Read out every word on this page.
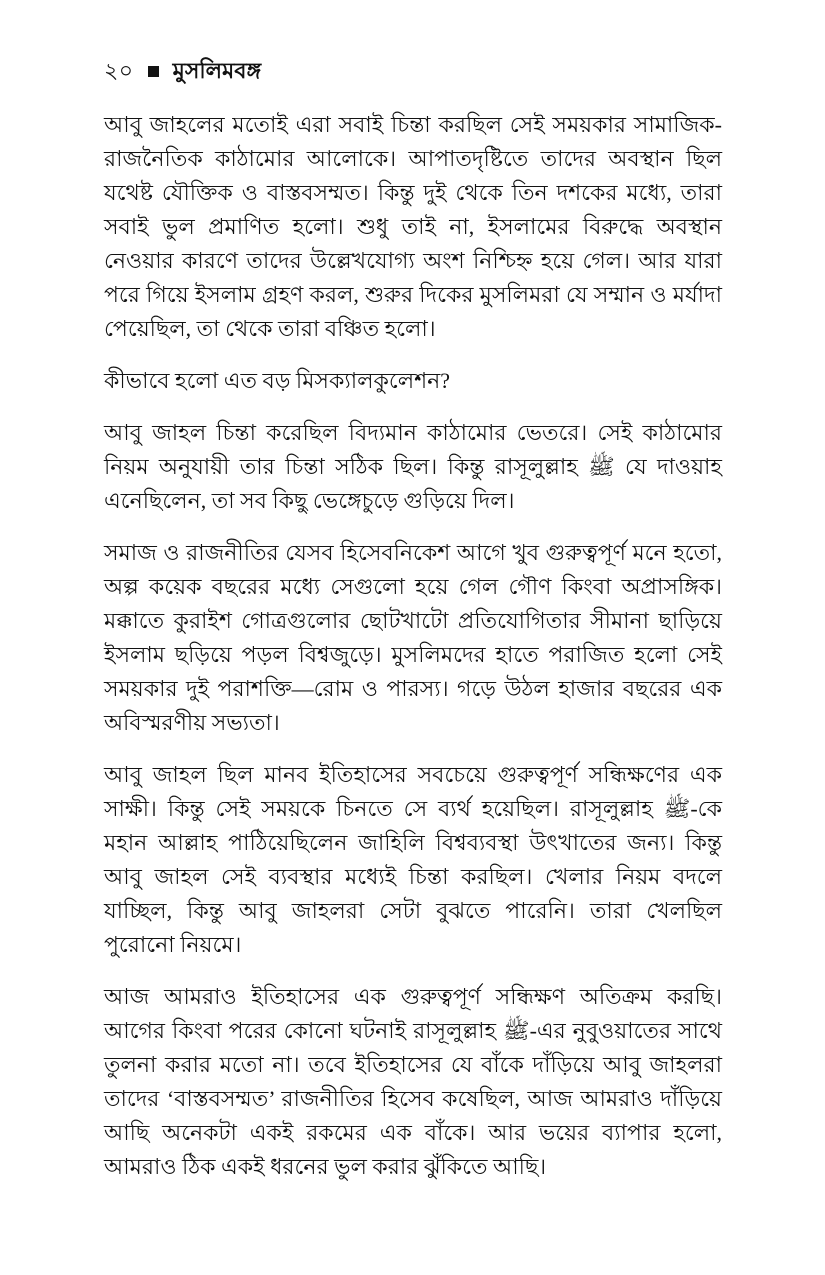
২০ মুসলিমবঙ্গ

আবু জাহলের মতোই এরা সবাই চিন্তা করছিল সেই সময়কার সামাজিক-রাজনৈতিক কাঠামোর আলোকে। আপাতদৃষ্টিতে তাদের অবস্থান ছিল যথেষ্ট যৌক্তিক ও বাস্তবসম্মত। কিন্তু দুই থেকে তিন দশকের মধ্যে, তারা সবাই ভুল প্রমাণিত হলো। শুধু তাই না, ইসলামের বিরুদ্ধে অবস্থান নেওয়ার কারণে তাদের উল্লেখযোগ্য অংশ নিশ্চিহ্ন হয়ে গেল। আর যারা পরে গিয়ে ইসলাম গ্রহণ করল, শুরুর দিকের মুসলিমরা যে সম্মান ও মর্যাদা পেয়েছিল, তা থেকে তারা বঞ্চিত হলো।

কীভাবে হলো এত বড় মিসক্যালকুলেশন?

আবু জাহল চিন্তা করেছিল বিদ্যমান কাঠামোর ভেতরে। সেই কাঠামোর নিয়ম অনুযায়ী তার চিন্তা সঠিক ছিল। কিন্তু রাসূলুল্লাহ ﷺ যে দাওয়াহ এনেছিলেন, তা সব কিছু ভেঙ্গেচুড়ে গুড়িয়ে দিল।

সমাজ ও রাজনীতির যেসব হিসেবনিকেশ আগে খুব গুরুত্বপূর্ণ মনে হতো, অল্প কয়েক বছরের মধ্যে সেগুলো হয়ে গেল গৌণ কিংবা অপ্রাসঙ্গিক। মক্কাতে কুরাইশ গোত্রগুলোর ছোটখাটো প্রতিযোগিতার সীমানা ছাড়িয়ে ইসলাম ছড়িয়ে পড়ল বিশ্বজুড়ে। মুসলিমদের হাতে পরাজিত হলো সেই সময়কার দুই পরাশক্তি—রোম ও পারস্য। গড়ে উঠল হাজার বছরের এক অবিস্মরণীয় সভ্যতা।

আবু জাহল ছিল মানব ইতিহাসের সবচেয়ে গুরুত্বপূর্ণ সন্ধিক্ষণের এক সাক্ষী। কিন্তু সেই সময়কে চিনতে সে ব্যর্থ হয়েছিল। রাসূলুল্লাহ ﷺ-কে মহান আল্লাহ পাঠিয়েছিলেন জাহিলি বিশ্বব্যবস্থা উৎখাতের জন্য। কিন্তু আবু জাহল সেই ব্যবস্থার মধ্যেই চিন্তা করছিল। খেলার নিয়ম বদলে যাচ্ছিল, কিন্তু আবু জাহলরা সেটা বুঝতে পারেনি। তারা খেলছিল পুরোনো নিয়মে।

আজ আমরাও ইতিহাসের এক গুরুত্বপূর্ণ সন্ধিক্ষণ অতিক্রম করছি। আগের কিংবা পরের কোনো ঘটনাই রাসূলুল্লাহ ﷺ-এর নুবুওয়াতের সাথে তুলনা করার মতো না। তবে ইতিহাসের যে বাঁকে দাঁড়িয়ে আবু জাহলরা তাদের ‘বাস্তবসম্মত’ রাজনীতির হিসেব কষেছিল, আজ আমরাও দাঁড়িয়ে আছি অনেকটা একই রকমের এক বাঁকে। আর ভয়ের ব্যাপার হলো, আমরাও ঠিক একই ধরনের ভুল করার ঝুঁকিতে আছি।
